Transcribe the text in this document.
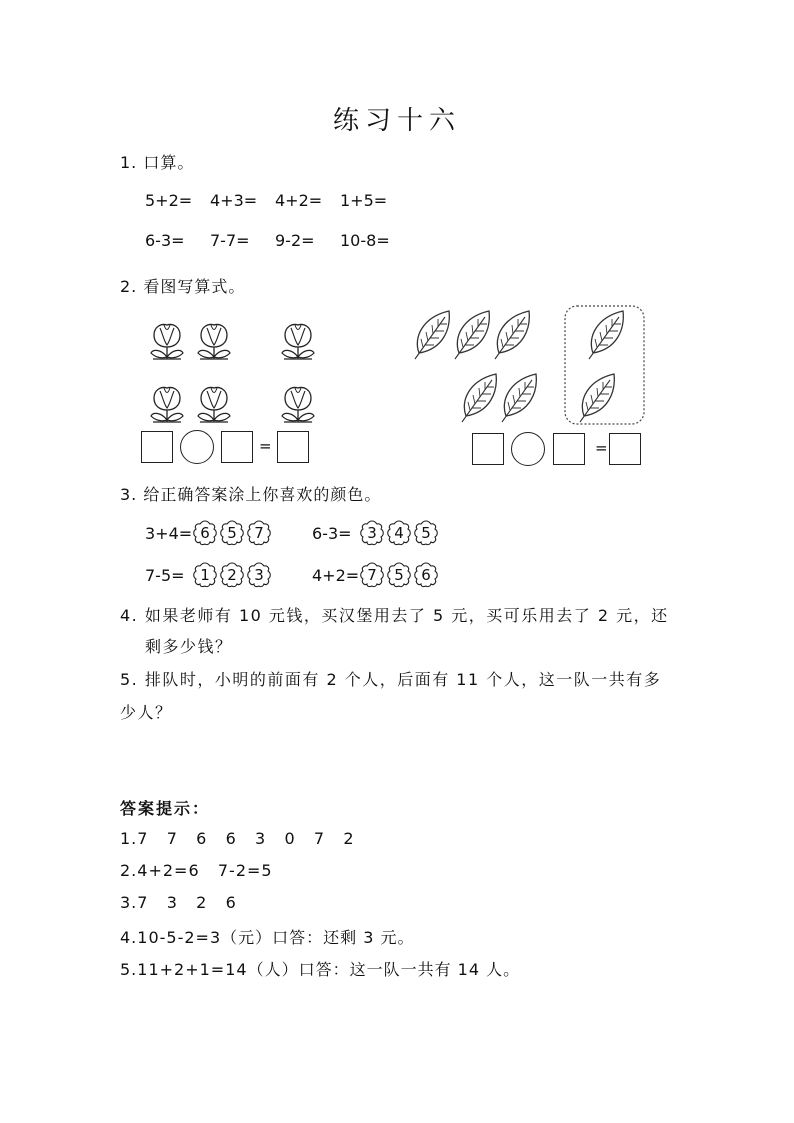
练习十六
1. 口算。
5+2= 4+3= 4+2= 1+5=
6-3= 7-7= 9-2= 10-8=
2. 看图写算式。
=	=
3. 给正确答案涂上你喜欢的颜色。
3+4= 6	5	7	6-3=	3	4	5
7-5=	1	2	3	4+2= 7	5	6
4. 如果老师有 10 元钱，买汉堡用去了 5 元，买可乐用去了 2 元，还
剩多少钱？
5. 排队时，小明的前面有 2 个人，后面有 11 个人，这一队一共有多
少人？
答案提示：
1.7   7   6   6   3   0   7   2
2.4+2=6   7-2=5
3.7   3   2   6
4.10-5-2=3（元）口答：还剩 3 元。
5.11+2+1=14（人）口答：这一队一共有 14 人。
